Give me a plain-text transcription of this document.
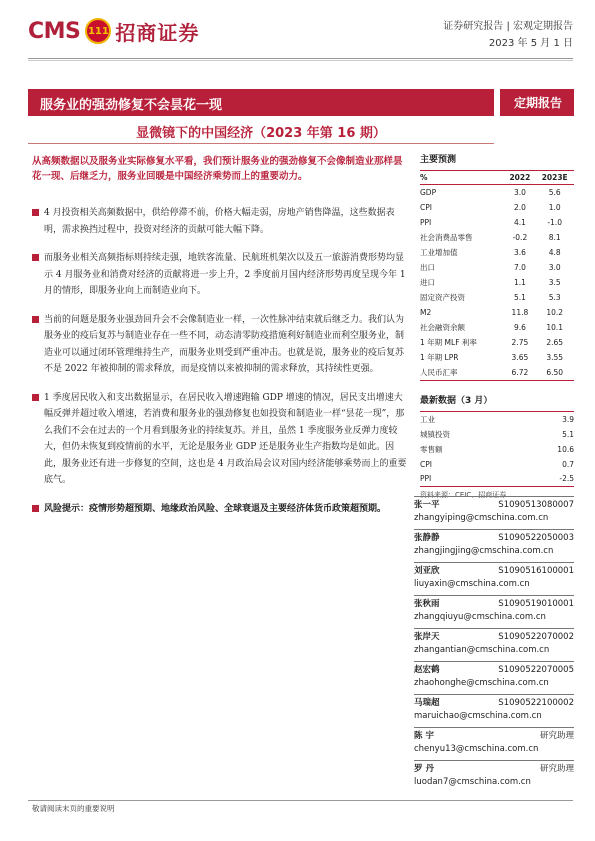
CMS 111 招商证券	证券研究报告 | 宏观定期报告
2023 年 5 月 1 日
服务业的强劲修复不会昙花一现	定期报告
显微镜下的中国经济（2023 年第 16 期）
从高频数据以及服务业实际修复水平看，我们预计服务业的强劲修复不会像制造业那样昙花一现、后继乏力，服务业回暖是中国经济乘势而上的重要动力。
4 月投资相关高频数据中，供给停滞不前，价格大幅走弱，房地产销售降温，这些数据表明，需求换挡过程中，投资对经济的贡献可能大幅下降。
而服务业相关高频指标则持续走强，地铁客流量、民航班机架次以及五一旅游消费形势均显示 4 月服务业和消费对经济的贡献将进一步上升，2 季度前月国内经济形势再度呈现今年 1 月的情形，即服务业向上而制造业向下。
当前的问题是服务业强劲回升会不会像制造业一样，一次性脉冲结束就后继乏力。我们认为服务业的疫后复苏与制造业存在一些不同，动态清零防疫措施利好制造业而利空服务业，制造业可以通过闭环管理维持生产，而服务业则受到严重冲击。也就是说，服务业的疫后复苏不是 2022 年被抑制的需求释放，而是疫情以来被抑制的需求释放，其持续性更强。
1 季度居民收入和支出数据显示，在居民收入增速跑输 GDP 增速的情况，居民支出增速大幅反弹并超过收入增速，若消费和服务业的强劲修复也如投资和制造业一样“昙花一现”，那么我们不会在过去的一个月看到服务业的持续复苏。并且，虽然 1 季度服务业反弹力度较大，但仍未恢复到疫情前的水平，无论是服务业 GDP 还是服务业生产指数均是如此。因此，服务业还有进一步修复的空间，这也是 4 月政治局会议对国内经济能够乘势而上的重要底气。
风险提示：疫情形势超预期、地缘政治风险、全球衰退及主要经济体货币政策超预期。
主要预测
%	2022	2023E
GDP	3.0	5.6
CPI	2.0	1.0
PPI	4.1	-1.0
社会消费品零售	-0.2	8.1
工业增加值	3.6	4.8
出口	7.0	3.0
进口	1.1	3.5
固定资产投资	5.1	5.3
M2	11.8	10.2
社会融资余额	9.6	10.1
1 年期 MLF 利率	2.75	2.65
1 年期 LPR	3.65	3.55
人民币汇率	6.72	6.50
最新数据（3 月）
工业	3.9
城镇投资	5.1
零售额	10.6
CPI	0.7
PPI	-2.5
资料来源：CEIC、招商证券
张一平	S1090513080007
zhangyiping@cmschina.com.cn
张静静	S1090522050003
zhangjingjing@cmschina.com.cn
刘亚欣	S1090516100001
liuyaxin@cmschina.com.cn
张秋雨	S1090519010001
zhangqiuyu@cmschina.com.cn
张岸天	S1090522070002
zhangantian@cmschina.com.cn
赵宏鹤	S1090522070005
zhaohonghe@cmschina.com.cn
马瑞超	S1090522100002
maruichao@cmschina.com.cn
陈 宇	研究助理
chenyu13@cmschina.com.cn
罗 丹	研究助理
luodan7@cmschina.com.cn
敬请阅读末页的重要说明
